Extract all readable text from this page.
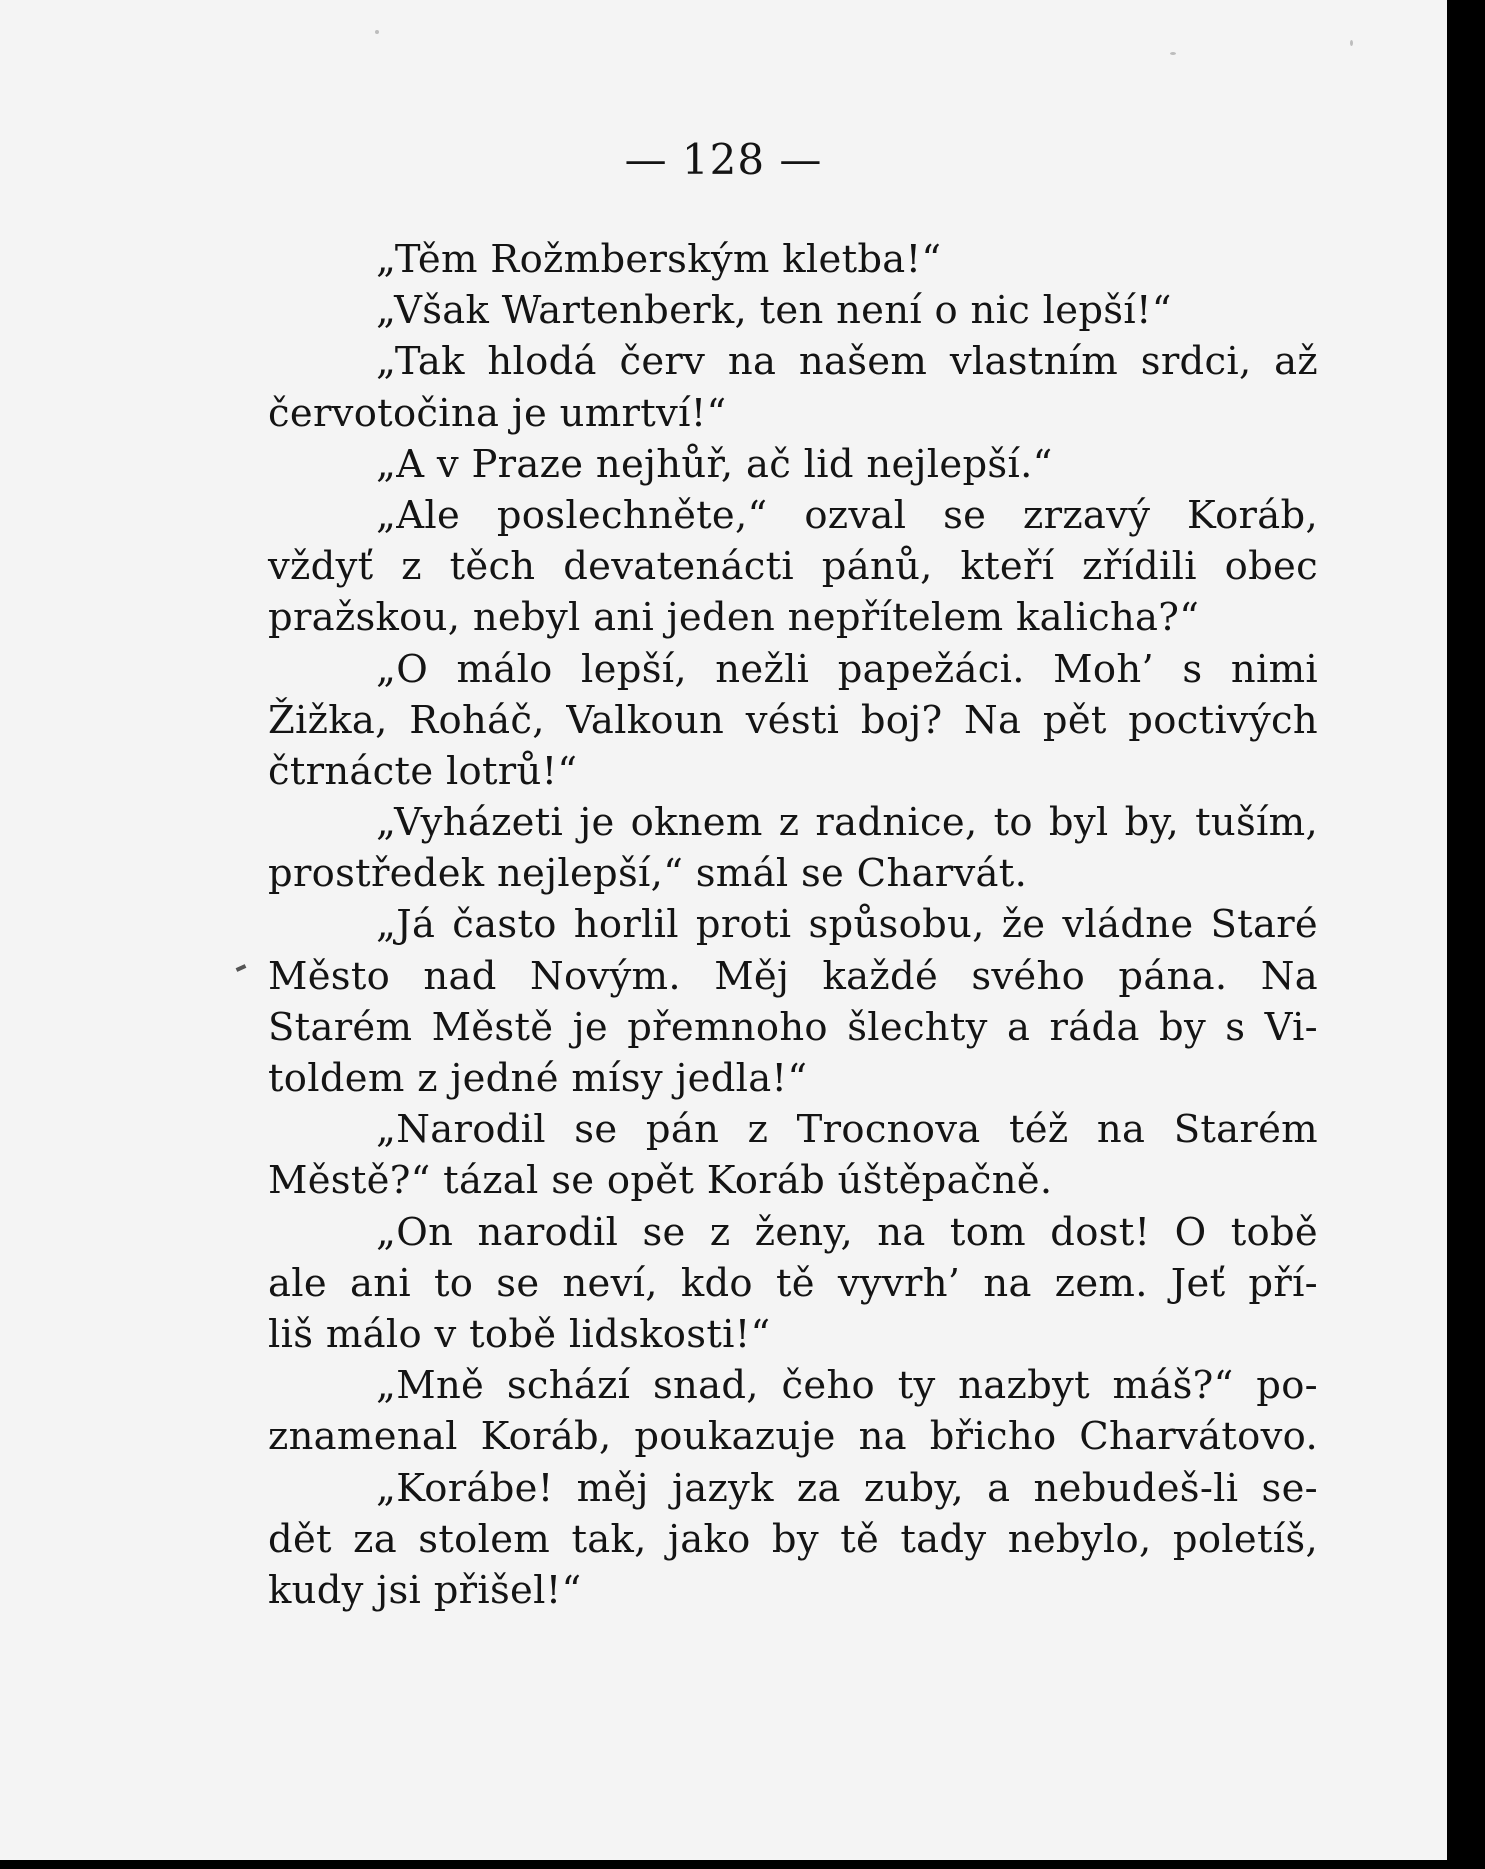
— 128 —
„Těm Rožmberským kletba!“
„Však Wartenberk, ten není o nic lepší!“
„Tak hlodá červ na našem vlastním srdci, až
červotočina je umrtví!“
„A v Praze nejhůř, ač lid nejlepší.“
„Ale poslechněte,“ ozval se zrzavý Koráb,
vždyť z těch devatenácti pánů, kteří zřídili obec
pražskou, nebyl ani jeden nepřítelem kalicha?“
„O málo lepší, nežli papežáci. Moh’ s nimi
Žižka, Roháč, Valkoun vésti boj? Na pět poctivých
čtrnácte lotrů!“
„Vyházeti je oknem z radnice, to byl by, tuším,
prostředek nejlepší,“ smál se Charvát.
„Já často horlil proti spůsobu, že vládne Staré
Město nad Novým. Měj každé svého pána. Na
Starém Městě je přemnoho šlechty a ráda by s Vi-
toldem z jedné mísy jedla!“
„Narodil se pán z Trocnova též na Starém
Městě?“ tázal se opět Koráb úštěpačně.
„On narodil se z ženy, na tom dost! O tobě
ale ani to se neví, kdo tě vyvrh’ na zem. Jeť pří-
liš málo v tobě lidskosti!“
„Mně schází snad, čeho ty nazbyt máš?“ po-
znamenal Koráb, poukazuje na břicho Charvátovo.
„Korábe! měj jazyk za zuby, a nebudeš-li se-
dět za stolem tak, jako by tě tady nebylo, poletíš,
kudy jsi přišel!“
